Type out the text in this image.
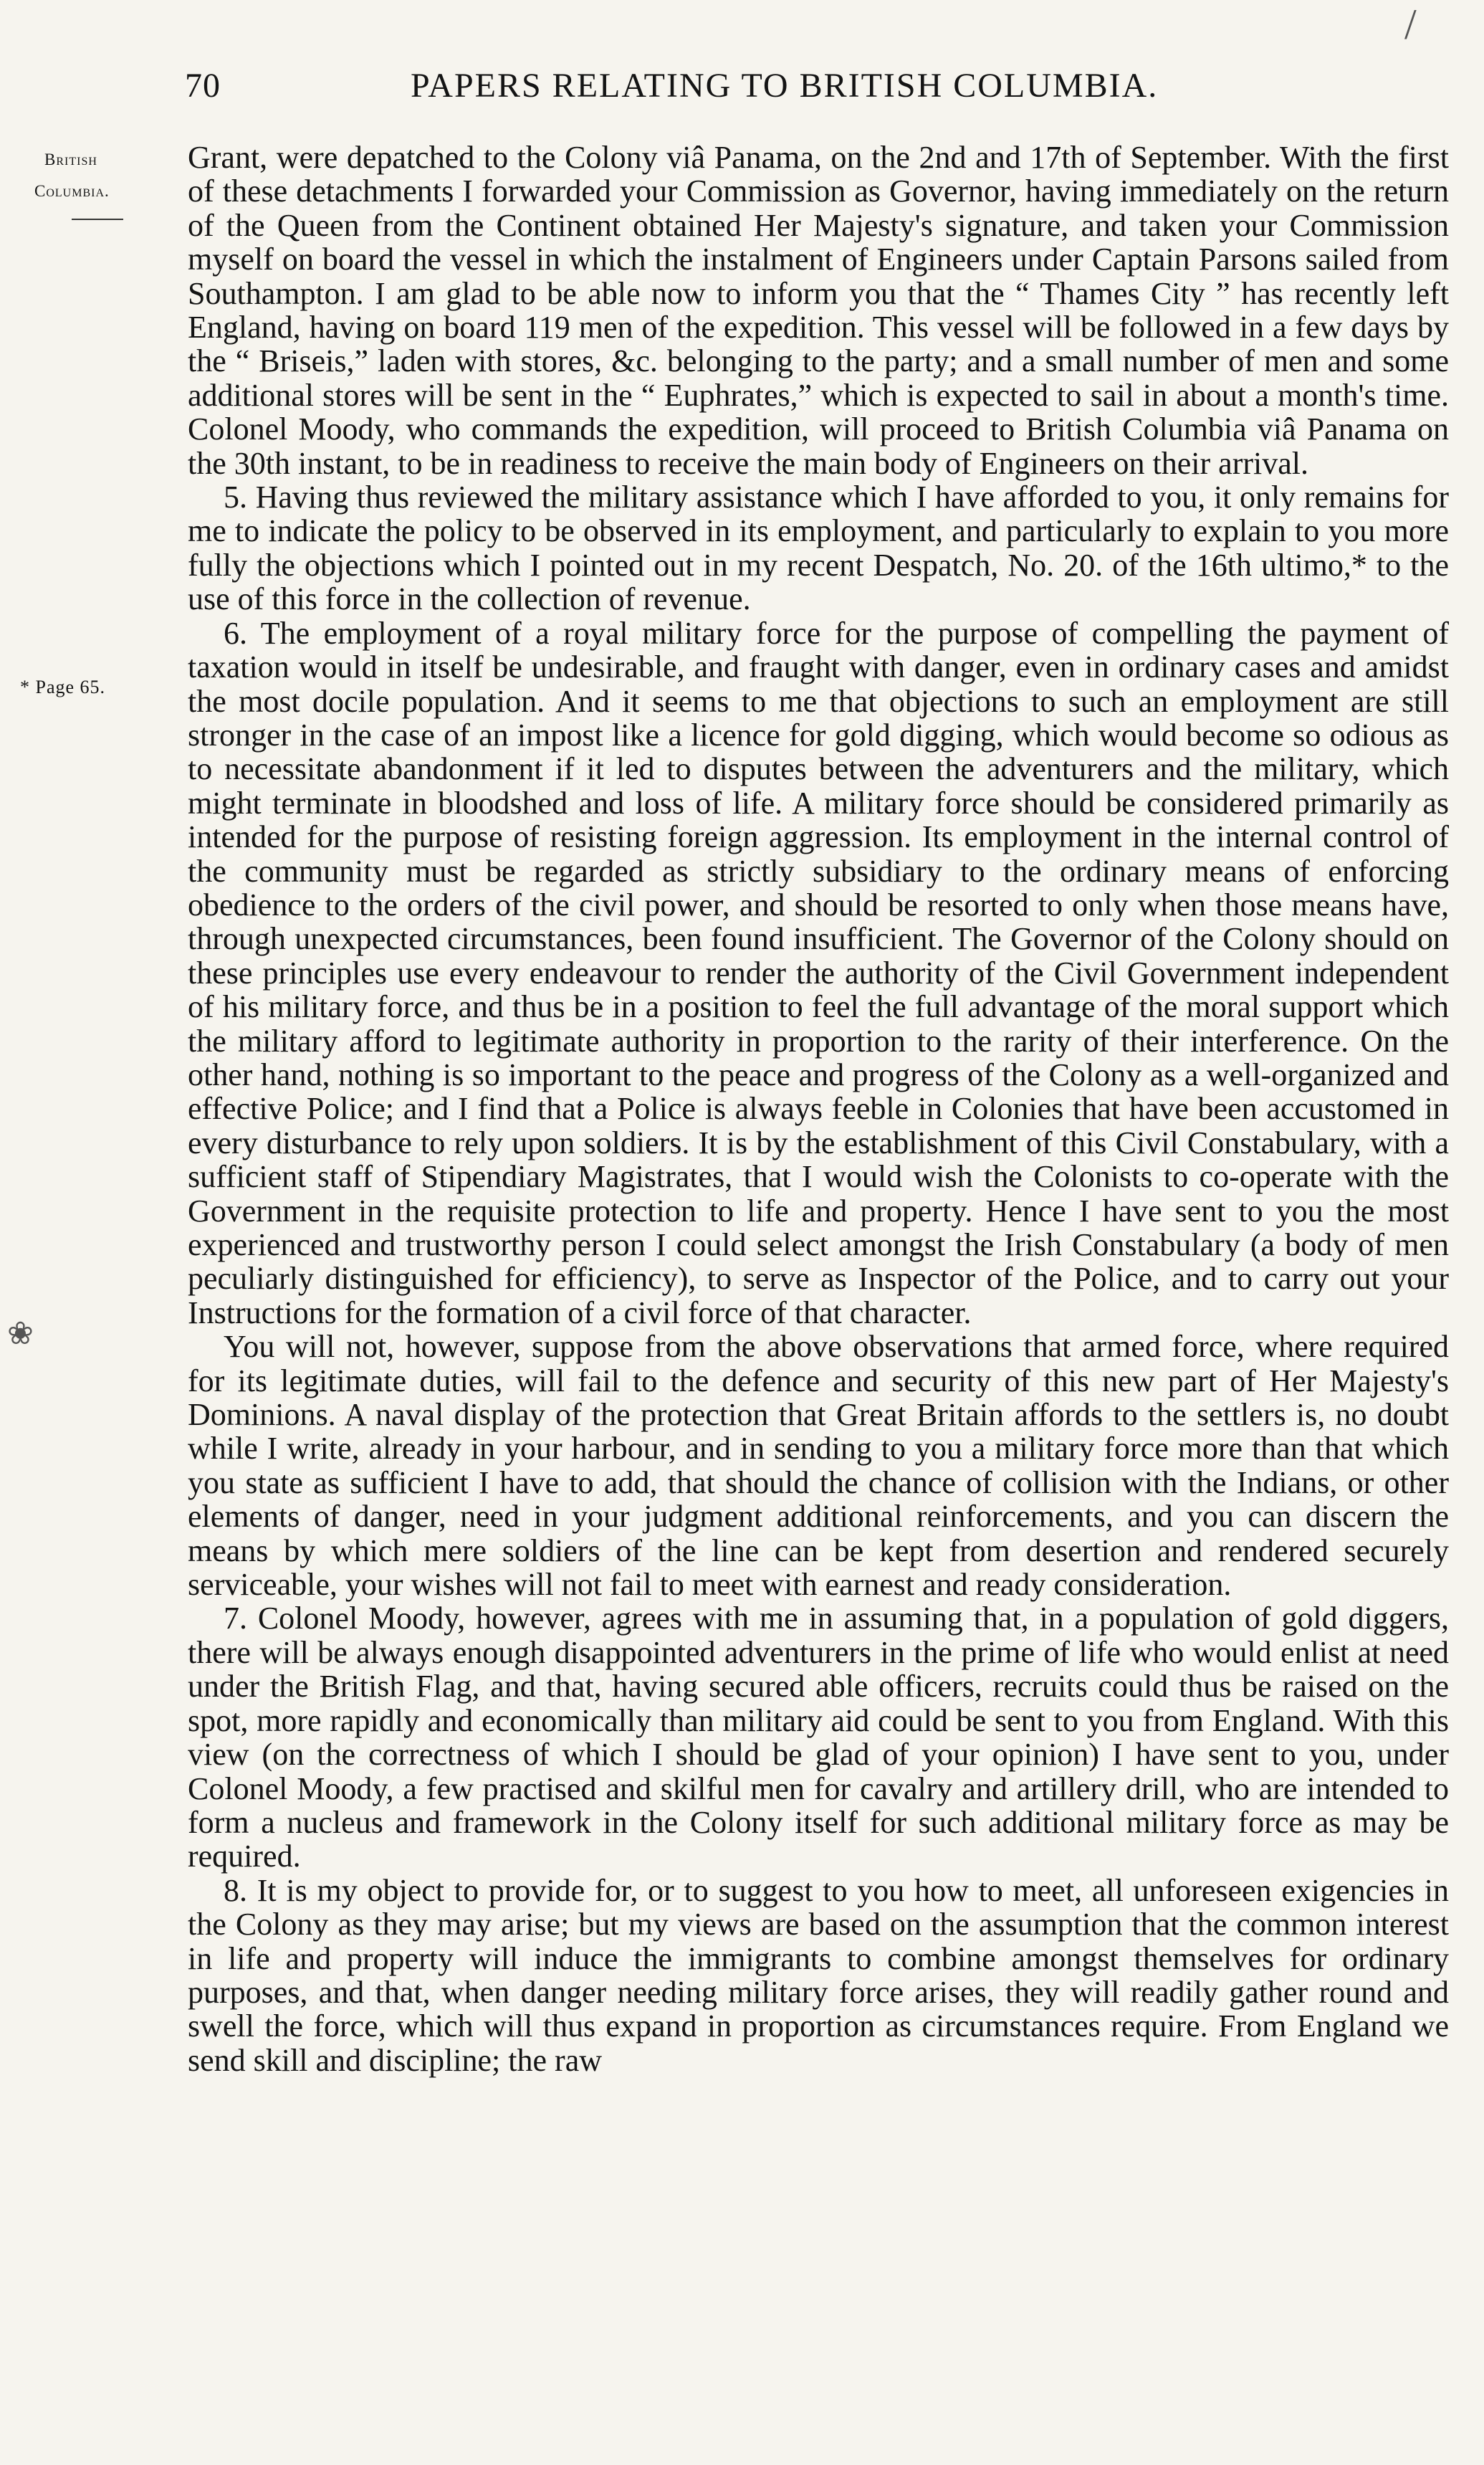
70	PAPERS RELATING TO BRITISH COLUMBIA.
British
Columbia.
* Page 65.
/
❀

Grant, were depatched to the Colony viâ Panama, on the 2nd and 17th of September. With the first of these detachments I forwarded your Commission as Governor, having immediately on the return of the Queen from the Continent obtained Her Majesty's signature, and taken your Commission myself on board the vessel in which the instalment of Engineers under Captain Parsons sailed from Southampton. I am glad to be able now to inform you that the “ Thames City ” has recently left England, having on board 119 men of the expedition. This vessel will be followed in a few days by the “ Briseis,” laden with stores, &c. belonging to the party; and a small number of men and some additional stores will be sent in the “ Euphrates,” which is expected to sail in about a month's time. Colonel Moody, who commands the expedition, will proceed to British Columbia viâ Panama on the 30th instant, to be in readiness to receive the main body of Engineers on their arrival.

5. Having thus reviewed the military assistance which I have afforded to you, it only remains for me to indicate the policy to be observed in its employment, and particularly to explain to you more fully the objections which I pointed out in my recent Despatch, No. 20. of the 16th ultimo,* to the use of this force in the collection of revenue.

6. The employment of a royal military force for the purpose of compelling the payment of taxation would in itself be undesirable, and fraught with danger, even in ordinary cases and amidst the most docile population. And it seems to me that objections to such an employment are still stronger in the case of an impost like a licence for gold digging, which would become so odious as to necessitate abandonment if it led to disputes between the adventurers and the military, which might terminate in bloodshed and loss of life. A military force should be considered primarily as intended for the purpose of resisting foreign aggression. Its employment in the internal control of the community must be regarded as strictly subsidiary to the ordinary means of enforcing obedience to the orders of the civil power, and should be resorted to only when those means have, through unexpected circumstances, been found insufficient. The Governor of the Colony should on these principles use every endeavour to render the authority of the Civil Government independent of his military force, and thus be in a position to feel the full advantage of the moral support which the military afford to legitimate authority in proportion to the rarity of their interference. On the other hand, nothing is so important to the peace and progress of the Colony as a well-organized and effective Police; and I find that a Police is always feeble in Colonies that have been accustomed in every disturbance to rely upon soldiers. It is by the establishment of this Civil Constabulary, with a sufficient staff of Stipendiary Magistrates, that I would wish the Colonists to co-operate with the Government in the requisite protection to life and property. Hence I have sent to you the most experienced and trustworthy person I could select amongst the Irish Constabulary (a body of men peculiarly distinguished for efficiency), to serve as Inspector of the Police, and to carry out your Instructions for the formation of a civil force of that character.

You will not, however, suppose from the above observations that armed force, where required for its legitimate duties, will fail to the defence and security of this new part of Her Majesty's Dominions. A naval display of the protection that Great Britain affords to the settlers is, no doubt while I write, already in your harbour, and in sending to you a military force more than that which you state as sufficient I have to add, that should the chance of collision with the Indians, or other elements of danger, need in your judgment additional reinforcements, and you can discern the means by which mere soldiers of the line can be kept from desertion and rendered securely serviceable, your wishes will not fail to meet with earnest and ready consideration.

7. Colonel Moody, however, agrees with me in assuming that, in a population of gold diggers, there will be always enough disappointed adventurers in the prime of life who would enlist at need under the British Flag, and that, having secured able officers, recruits could thus be raised on the spot, more rapidly and economically than military aid could be sent to you from England. With this view (on the correctness of which I should be glad of your opinion) I have sent to you, under Colonel Moody, a few practised and skilful men for cavalry and artillery drill, who are intended to form a nucleus and framework in the Colony itself for such additional military force as may be required.

8. It is my object to provide for, or to suggest to you how to meet, all unforeseen exigencies in the Colony as they may arise; but my views are based on the assumption that the common interest in life and property will induce the immigrants to combine amongst themselves for ordinary purposes, and that, when danger needing military force arises, they will readily gather round and swell the force, which will thus expand in proportion as circumstances require. From England we send skill and discipline; the raw
